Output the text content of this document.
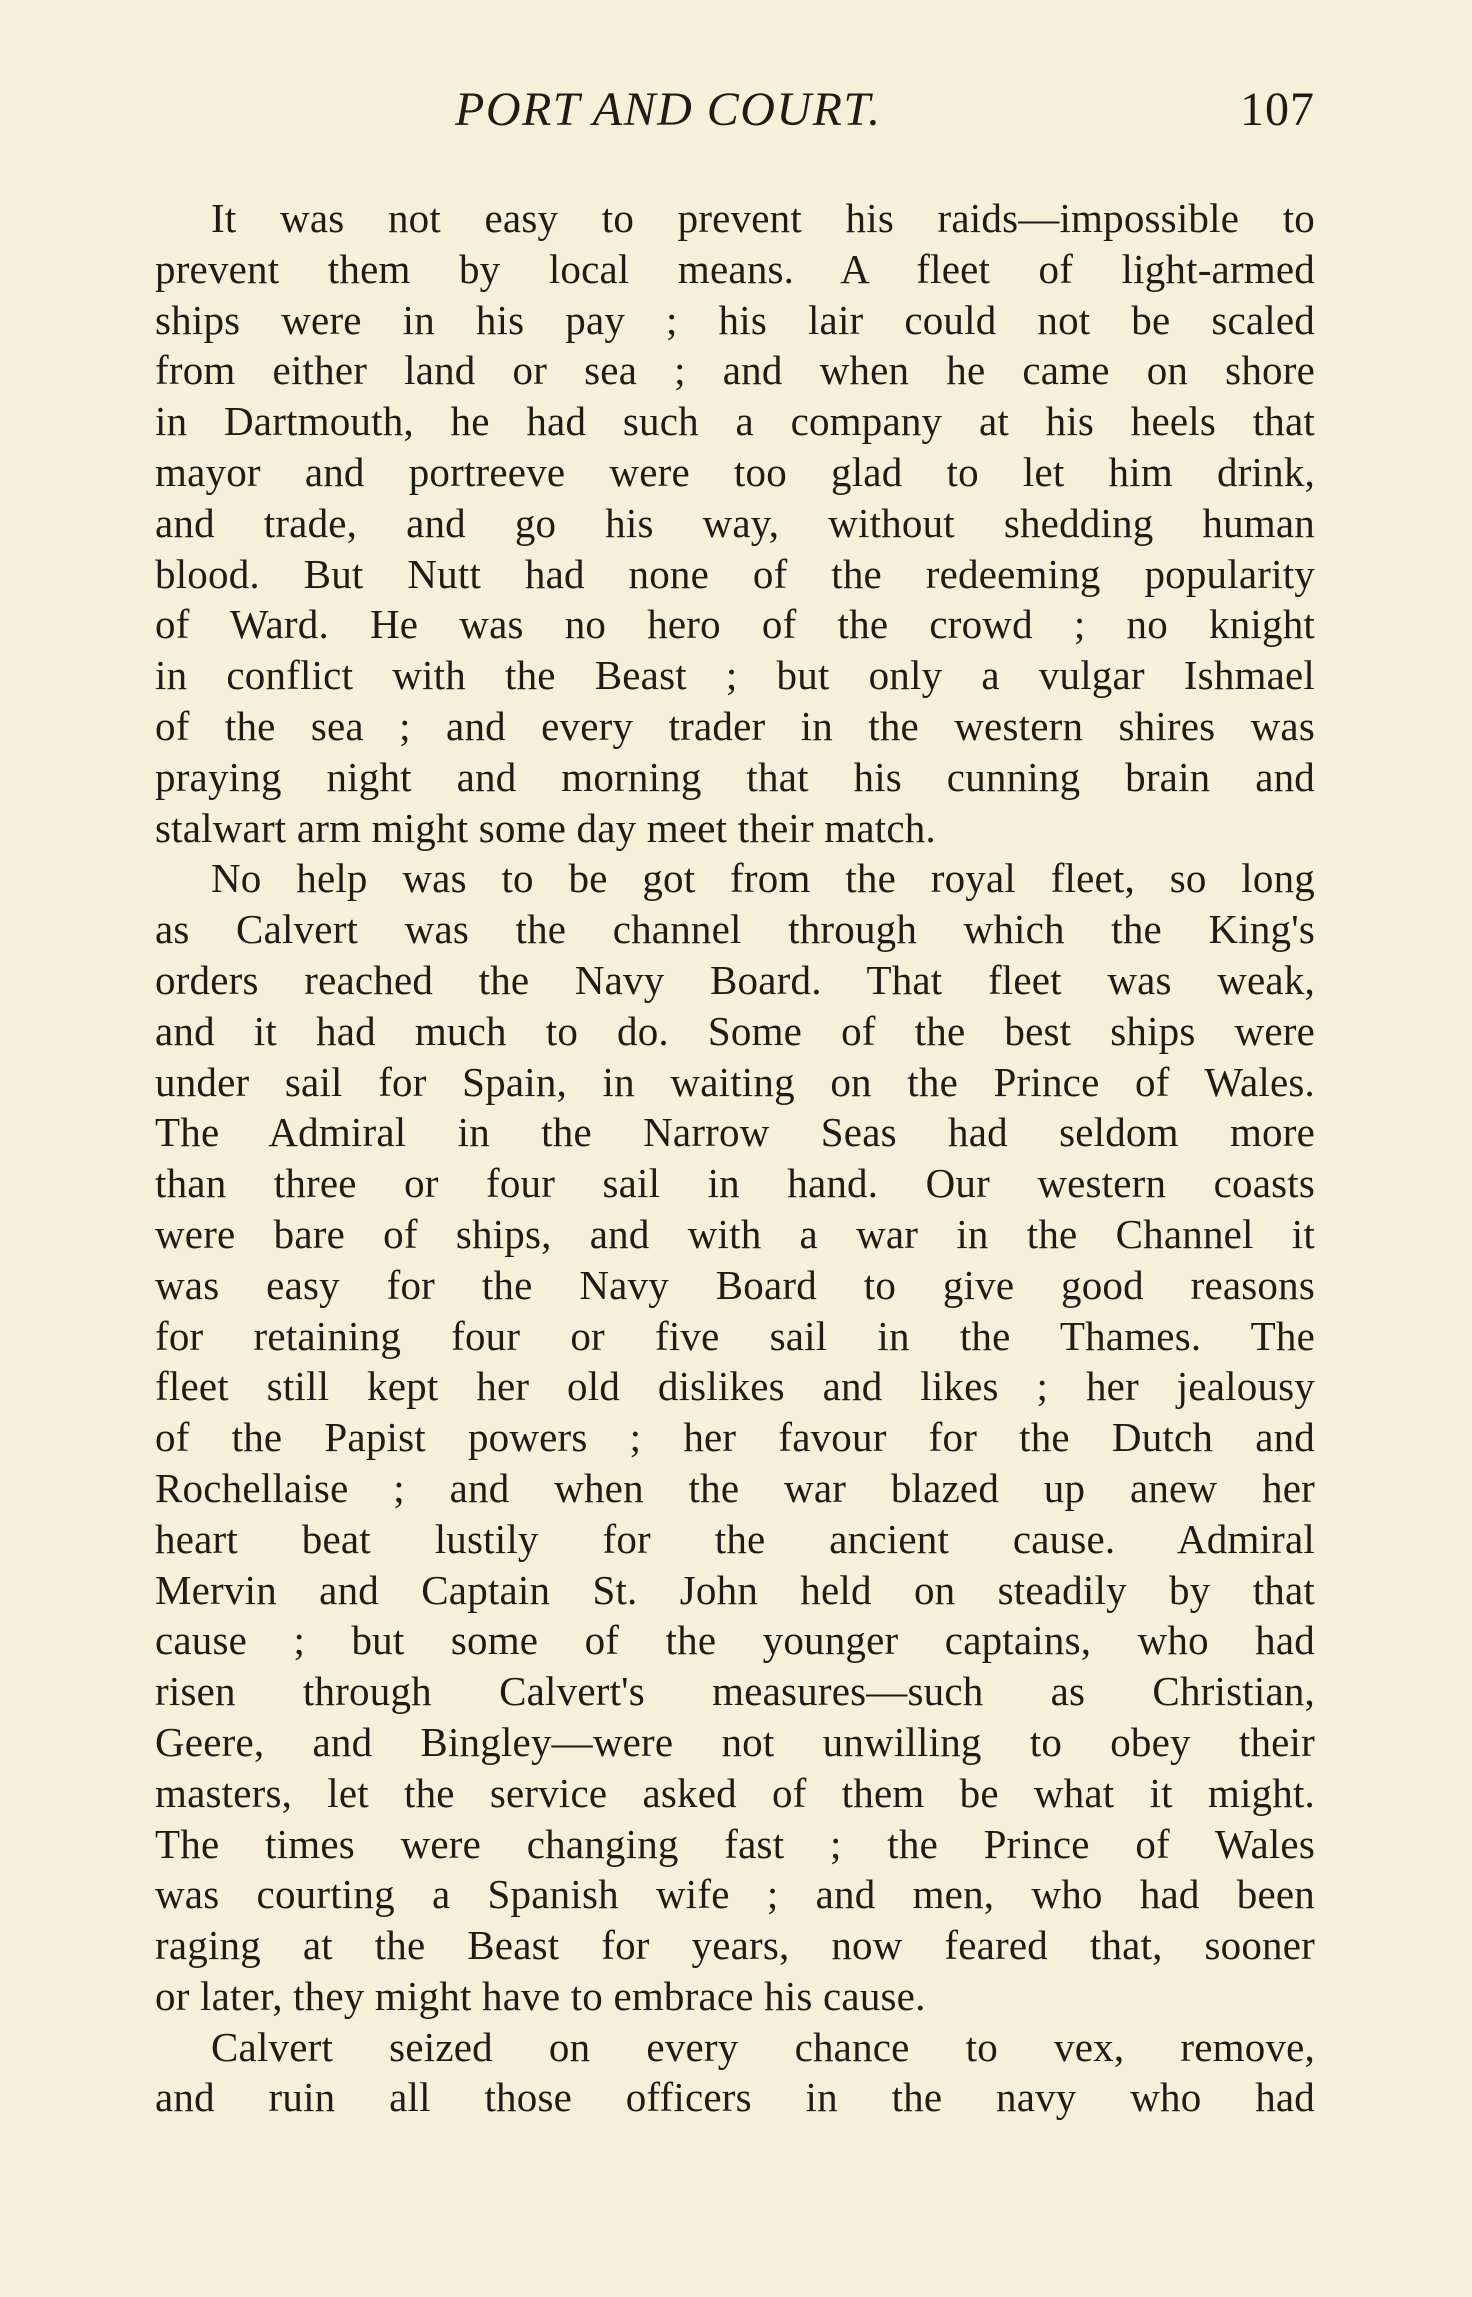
PORT AND COURT.	107
It was not easy to prevent his raids—impossible to
prevent them by local means. A fleet of light-armed
ships were in his pay ; his lair could not be scaled
from either land or sea ; and when he came on shore
in Dartmouth, he had such a company at his heels that
mayor and portreeve were too glad to let him drink,
and trade, and go his way, without shedding human
blood. But Nutt had none of the redeeming popularity
of Ward. He was no hero of the crowd ; no knight
in conflict with the Beast ; but only a vulgar Ishmael
of the sea ; and every trader in the western shires was
praying night and morning that his cunning brain and
stalwart arm might some day meet their match.
No help was to be got from the royal fleet, so long
as Calvert was the channel through which the King's
orders reached the Navy Board. That fleet was weak,
and it had much to do. Some of the best ships were
under sail for Spain, in waiting on the Prince of Wales.
The Admiral in the Narrow Seas had seldom more
than three or four sail in hand. Our western coasts
were bare of ships, and with a war in the Channel it
was easy for the Navy Board to give good reasons
for retaining four or five sail in the Thames. The
fleet still kept her old dislikes and likes ; her jealousy
of the Papist powers ; her favour for the Dutch and
Rochellaise ; and when the war blazed up anew her
heart beat lustily for the ancient cause. Admiral
Mervin and Captain St. John held on steadily by that
cause ; but some of the younger captains, who had
risen through Calvert's measures—such as Christian,
Geere, and Bingley—were not unwilling to obey their
masters, let the service asked of them be what it might.
The times were changing fast ; the Prince of Wales
was courting a Spanish wife ; and men, who had been
raging at the Beast for years, now feared that, sooner
or later, they might have to embrace his cause.
Calvert seized on every chance to vex, remove,
and ruin all those officers in the navy who had
